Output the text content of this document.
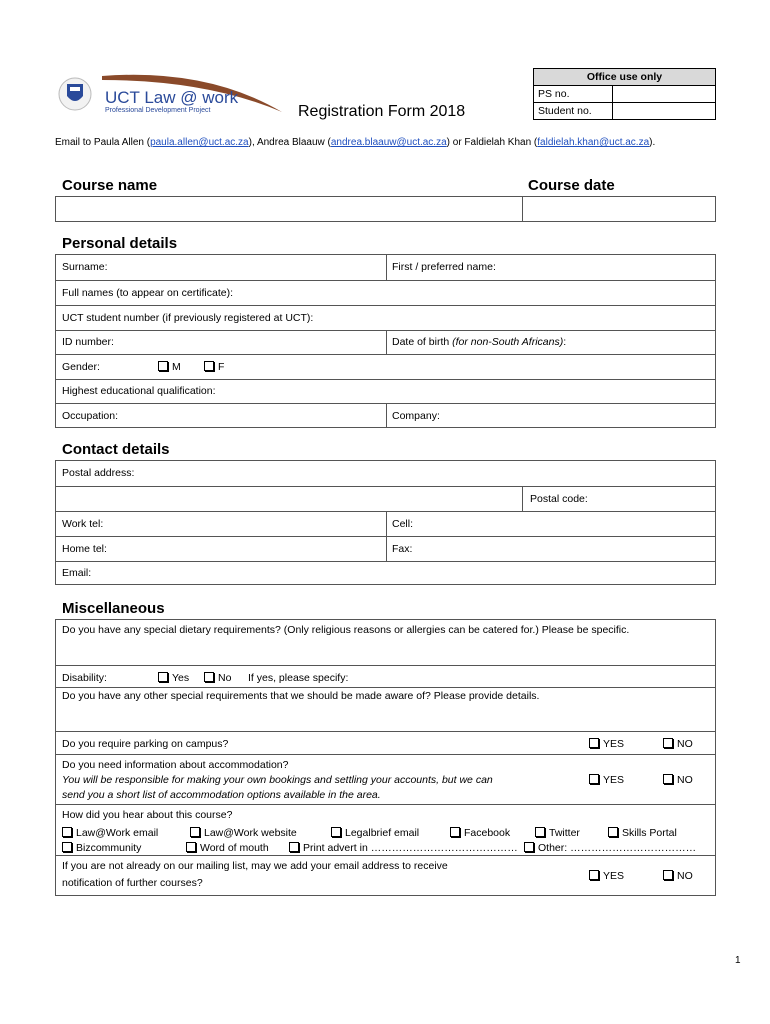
UCT Law @ work
Professional Development Project	Registration Form 2018
Office use only	
PS no.	
Student no.	
Email to Paula Allen (paula.allen@uct.ac.za), Andrea Blaauw (andrea.blaauw@uct.ac.za) or Faldielah Khan (faldielah.khan@uct.ac.za).
Course name	Course date
Personal details
Surname:	First / preferred name:
Full names (to appear on certificate):
UCT student number (if previously registered at UCT):
ID number:	Date of birth (for non-South Africans):
Gender:	M	F
Highest educational qualification:
Occupation:	Company:
Contact details
Postal address:
Postal code:
Work tel:	Cell:
Home tel:	Fax:
Email:
Miscellaneous
Do you have any special dietary requirements? (Only religious reasons or allergies can be catered for.) Please be specific.
Disability:	Yes	No If yes, please specify:
Do you have any other special requirements that we should be made aware of? Please provide details.
Do you require parking on campus?	YES	NO
Do you need information about accommodation?
You will be responsible for making your own bookings and settling your accounts, but we can
send you a short list of accommodation options available in the area.
YES	NO
How did you hear about this course?
Law@Work email	Law@Work website	Legalbrief email	Facebook	Twitter	Skills Portal
Bizcommunity	Word of mouth	Print advert in ……………………………………	Other: ………………………………
If you are not already on our mailing list, may we add your email address to receive
notification of further courses?
YES	NO
1
